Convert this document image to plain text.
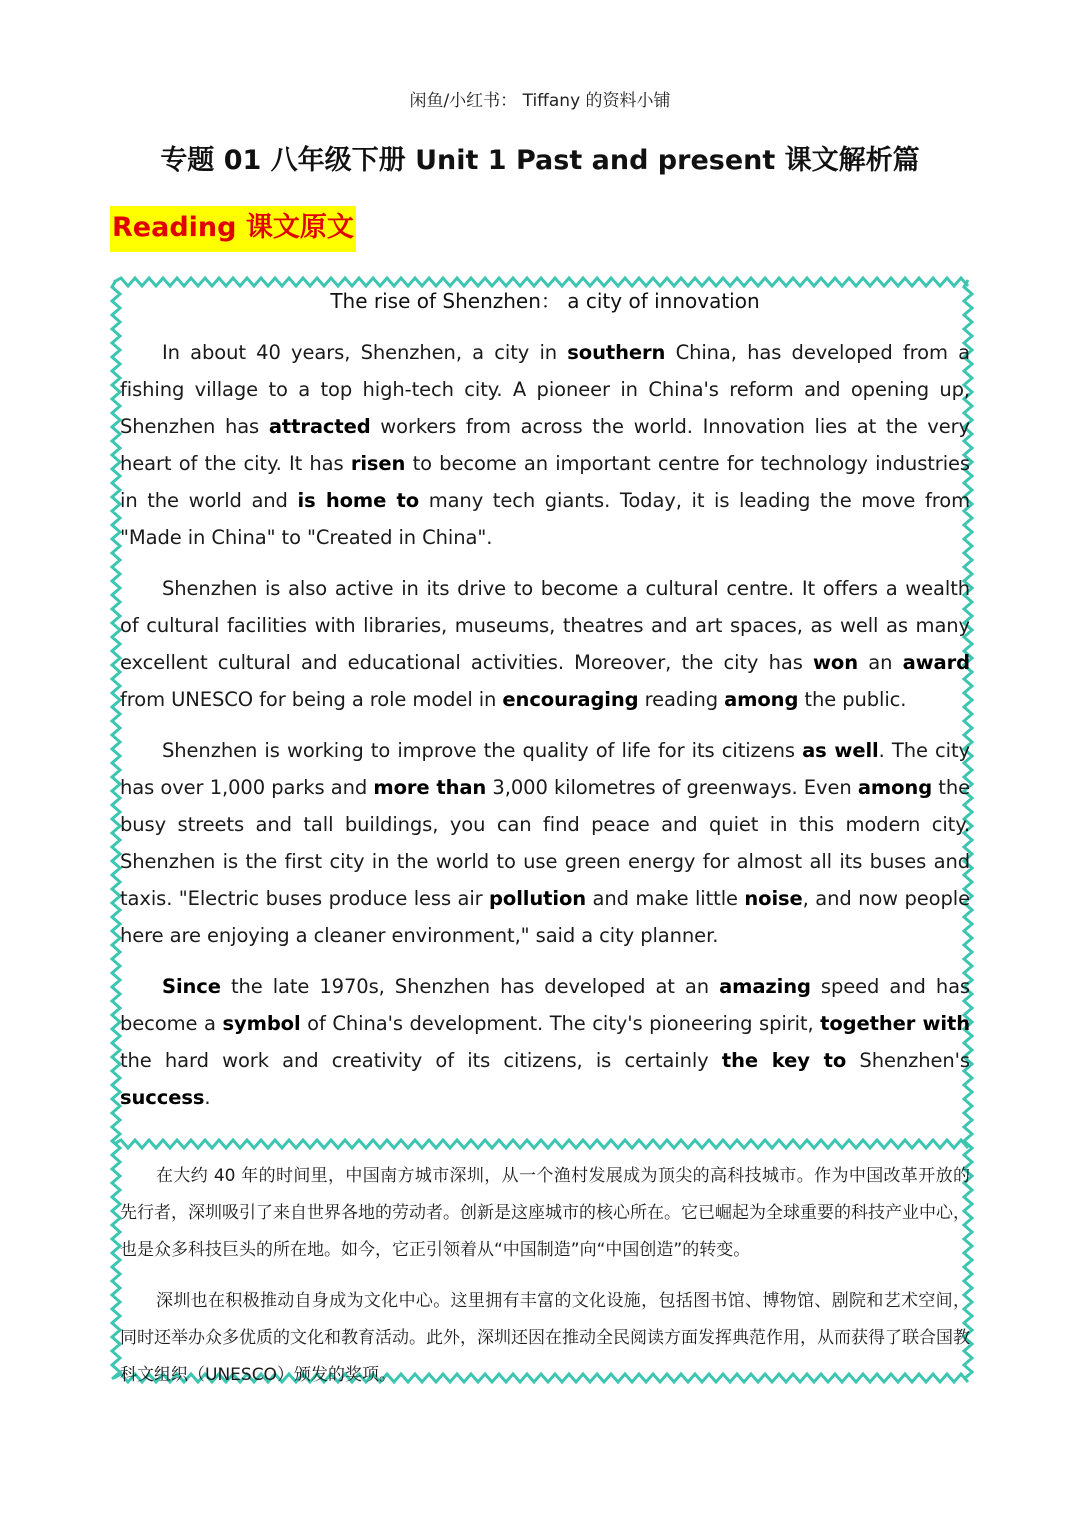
闲鱼/小红书： Tiffany 的资料小铺
专题 01 八年级下册 Unit 1 Past and present 课文解析篇
Reading 课文原文
The rise of Shenzhen： a city of innovation
In about 40 years, Shenzhen, a city in southern China, has developed from a fishing village to a top high-tech city. A pioneer in China's reform and opening up, Shenzhen has attracted workers from across the world. Innovation lies at the very heart of the city. It has risen to become an important centre for technology industries in the world and is home to many tech giants. Today, it is leading the move from "Made in China" to "Created in China".
Shenzhen is also active in its drive to become a cultural centre. It offers a wealth of cultural facilities with libraries, museums, theatres and art spaces, as well as many excellent cultural and educational activities. Moreover, the city has won an award from UNESCO for being a role model in encouraging reading among the public.
Shenzhen is working to improve the quality of life for its citizens as well. The city has over 1,000 parks and more than 3,000 kilometres of greenways. Even among the busy streets and tall buildings, you can find peace and quiet in this modern city. Shenzhen is the first city in the world to use green energy for almost all its buses and taxis. "Electric buses produce less air pollution and make little noise, and now people here are enjoying a cleaner environment," said a city planner.
Since the late 1970s, Shenzhen has developed at an amazing speed and has become a symbol of China's development. The city's pioneering spirit, together with the hard work and creativity of its citizens, is certainly the key to Shenzhen's success.
在大约 40 年的时间里，中国南方城市深圳，从一个渔村发展成为顶尖的高科技城市。作为中国改革开放的先行者，深圳吸引了来自世界各地的劳动者。创新是这座城市的核心所在。它已崛起为全球重要的科技产业中心，也是众多科技巨头的所在地。如今，它正引领着从“中国制造”向“中国创造”的转变。
深圳也在积极推动自身成为文化中心。这里拥有丰富的文化设施，包括图书馆、博物馆、剧院和艺术空间，同时还举办众多优质的文化和教育活动。此外，深圳还因在推动全民阅读方面发挥典范作用，从而获得了联合国教科文组织（UNESCO）颁发的奖项。
